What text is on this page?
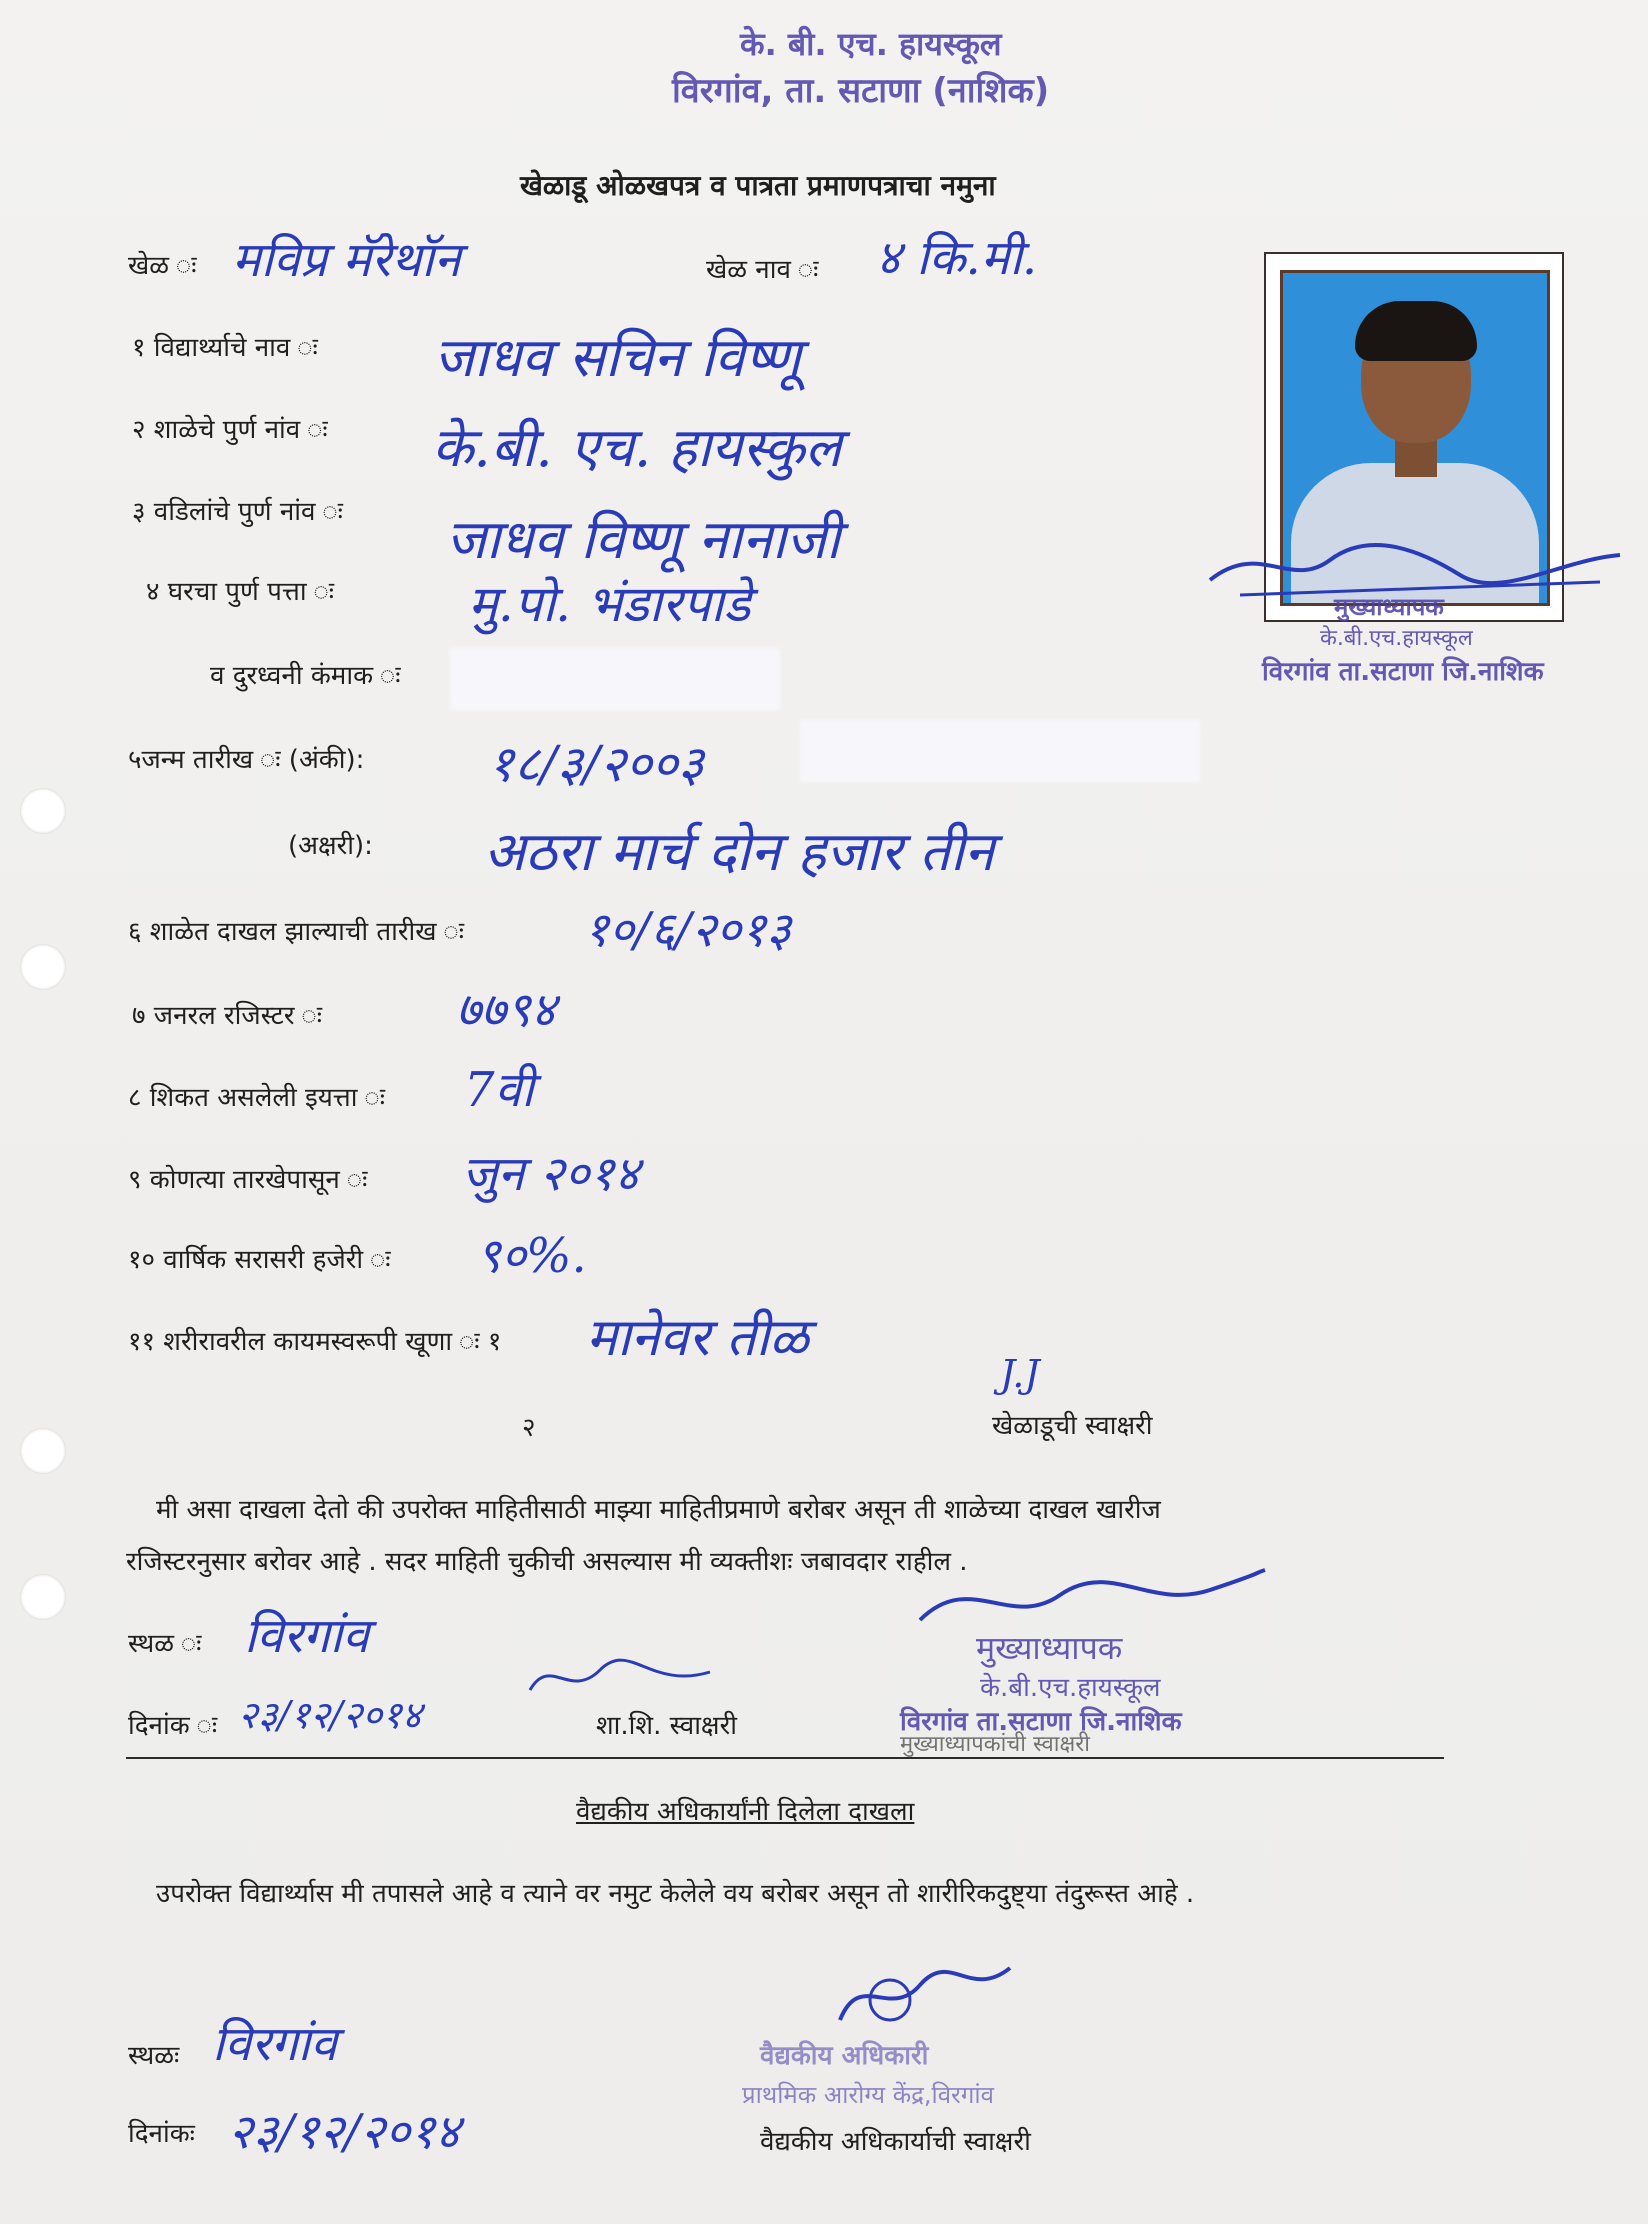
के. बी. एच. हायस्कूल
विरगांव, ता. सटाणा (नाशिक)
खेळाडू ओळखपत्र व पात्रता प्रमाणपत्राचा नमुना
खेळ ः मविप्र मॅरेथॉन	खेळ नाव ः ४ कि.मी.
१ विद्यार्थ्याचे नाव ः जाधव सचिन विष्णू
२ शाळेचे पुर्ण नांव ः के.बी. एच. हायस्कुल
३ वडिलांचे पुर्ण नांव ः जाधव विष्णू नानाजी
४ घरचा पुर्ण पत्ता ः	मु.पो. भंडारपाडे
व दुरध्वनी कंमाक ः
५जन्म तारीख ः (अंकी): १८/३/२००३
(अक्षरी): अठरा मार्च दोन हजार तीन
६ शाळेत दाखल झाल्याची तारीख ः	१०/६/२०१३
७ जनरल रजिस्टर ः	७७९४
८ शिकत असलेली इयत्ता ः 7वी
९ कोणत्या तारखेपासून ः जुन २०१४
१० वार्षिक सरासरी हजेरी ः ९०%.
११ शरीरावरील कायमस्वरूपी खूणा ः १ मानेवर तीळ
२
J.J
खेळाडूची स्वाक्षरी
मुख्याध्यापक
के.बी.एच.हायस्कूल
विरगांव ता.सटाणा जि.नाशिक
मी असा दाखला देतो की उपरोक्त माहितीसाठी माझ्या माहितीप्रमाणे बरोबर असून ती शाळेच्या दाखल खारीज
रजिस्टरनुसार बरोवर आहे . सदर माहिती चुकीची असल्यास मी व्यक्तीशः जबावदार राहील .
स्थळ ः विरगांव
दिनांक ः २३/१२/२०१४	शा.शि. स्वाक्षरी
मुख्याध्यापक
के.बी.एच.हायस्कूल
विरगांव ता.सटाणा जि.नाशिक
मुख्याध्यापकांची स्वाक्षरी
वैद्यकीय अधिकार्यांनी दिलेला दाखला
उपरोक्त विद्यार्थ्यास मी तपासले आहे व त्याने वर नमुट केलेले वय बरोबर असून तो शारीरिकदुष्ट्या तंदुरूस्त आहे .
स्थळः विरगांव
दिनांकः २३/१२/२०१४
वैद्यकीय अधिकारी
प्राथमिक आरोग्य केंद्र,विरगांव
वैद्यकीय अधिकार्याची स्वाक्षरी
